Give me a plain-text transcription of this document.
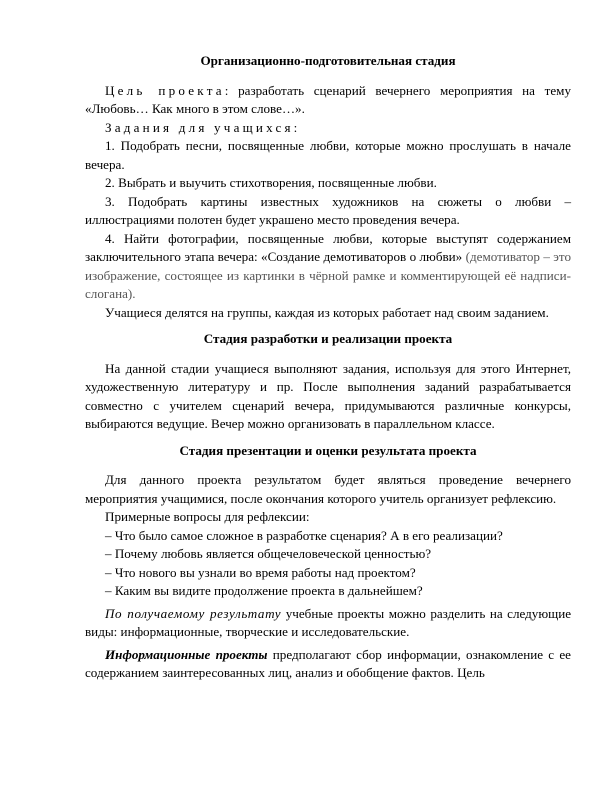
Организационно-подготовительная стадия

Цель проекта: разработать сценарий вечернего мероприятия на тему «Любовь… Как много в этом слове…».

Задания для учащихся:

1. Подобрать песни, посвященные любви, которые можно прослушать в начале вечера.

2. Выбрать и выучить стихотворения, посвященные любви.

3. Подобрать картины известных художников на сюжеты о любви – иллюстрациями полотен будет украшено место проведения вечера.

4. Найти фотографии, посвященные любви, которые выступят содержанием заключительного этапа вечера: «Создание демотиваторов о любви» (демотиватор – это изображение, состоящее из картинки в чёрной рамке и комментирующей её надписи-слогана).

Учащиеся делятся на группы, каждая из которых работает над своим заданием.

Стадия разработки и реализации проекта

На данной стадии учащиеся выполняют задания, используя для этого Интернет, художественную литературу и пр. После выполнения заданий разрабатывается совместно с учителем сценарий вечера, придумываются различные конкурсы, выбираются ведущие. Вечер можно организовать в параллельном классе.

Стадия презентации и оценки результата проекта

Для данного проекта результатом будет являться проведение вечернего мероприятия учащимися, после окончания которого учитель организует рефлексию.

Примерные вопросы для рефлексии:

– Что было самое сложное в разработке сценария? А в его реализации?

– Почему любовь является общечеловеческой ценностью?

– Что нового вы узнали во время работы над проектом?

– Каким вы видите продолжение проекта в дальнейшем?

По получаемому результату учебные проекты можно разделить на следующие виды: информационные, творческие и исследовательские.

Информационные проекты предполагают сбор информации, ознакомление с ее содержанием заинтересованных лиц, анализ и обобщение фактов. Цель
